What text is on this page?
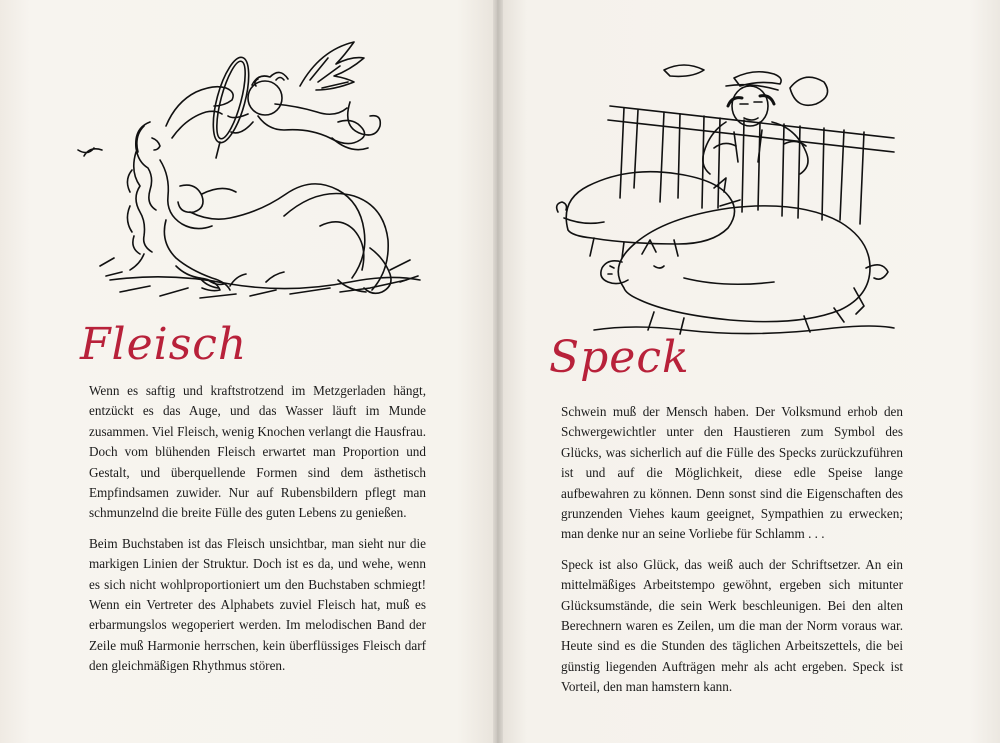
Fleisch

Wenn es saftig und kraftstrotzend im Metzgerladen hängt, entzückt es das Auge, und das Wasser läuft im Munde zusammen. Viel Fleisch, wenig Knochen verlangt die Hausfrau. Doch vom blühenden Fleisch erwartet man Proportion und Gestalt, und überquellende Formen sind dem ästhetisch Empfindsamen zuwider. Nur auf Rubensbildern pflegt man schmunzelnd die breite Fülle des guten Lebens zu genießen.

Beim Buchstaben ist das Fleisch unsichtbar, man sieht nur die markigen Linien der Struktur. Doch ist es da, und wehe, wenn es sich nicht wohlproportioniert um den Buchstaben schmiegt! Wenn ein Vertreter des Alphabets zuviel Fleisch hat, muß es erbarmungslos wegoperiert werden. Im melodischen Band der Zeile muß Harmonie herrschen, kein überflüssiges Fleisch darf den gleichmäßigen Rhythmus stören.

Speck

Schwein muß der Mensch haben. Der Volksmund erhob den Schwergewichtler unter den Haustieren zum Symbol des Glücks, was sicherlich auf die Fülle des Specks zurückzuführen ist und auf die Möglichkeit, diese edle Speise lange aufbewahren zu können. Denn sonst sind die Eigenschaften des grunzenden Viehes kaum geeignet, Sympathien zu erwecken; man denke nur an seine Vorliebe für Schlamm . . .

Speck ist also Glück, das weiß auch der Schriftsetzer. An ein mittelmäßiges Arbeitstempo gewöhnt, ergeben sich mitunter Glücksumstände, die sein Werk beschleunigen. Bei den alten Berechnern waren es Zeilen, um die man der Norm voraus war. Heute sind es die Stunden des täglichen Arbeitszettels, die bei günstig liegenden Aufträgen mehr als acht ergeben. Speck ist Vorteil, den man hamstern kann.
